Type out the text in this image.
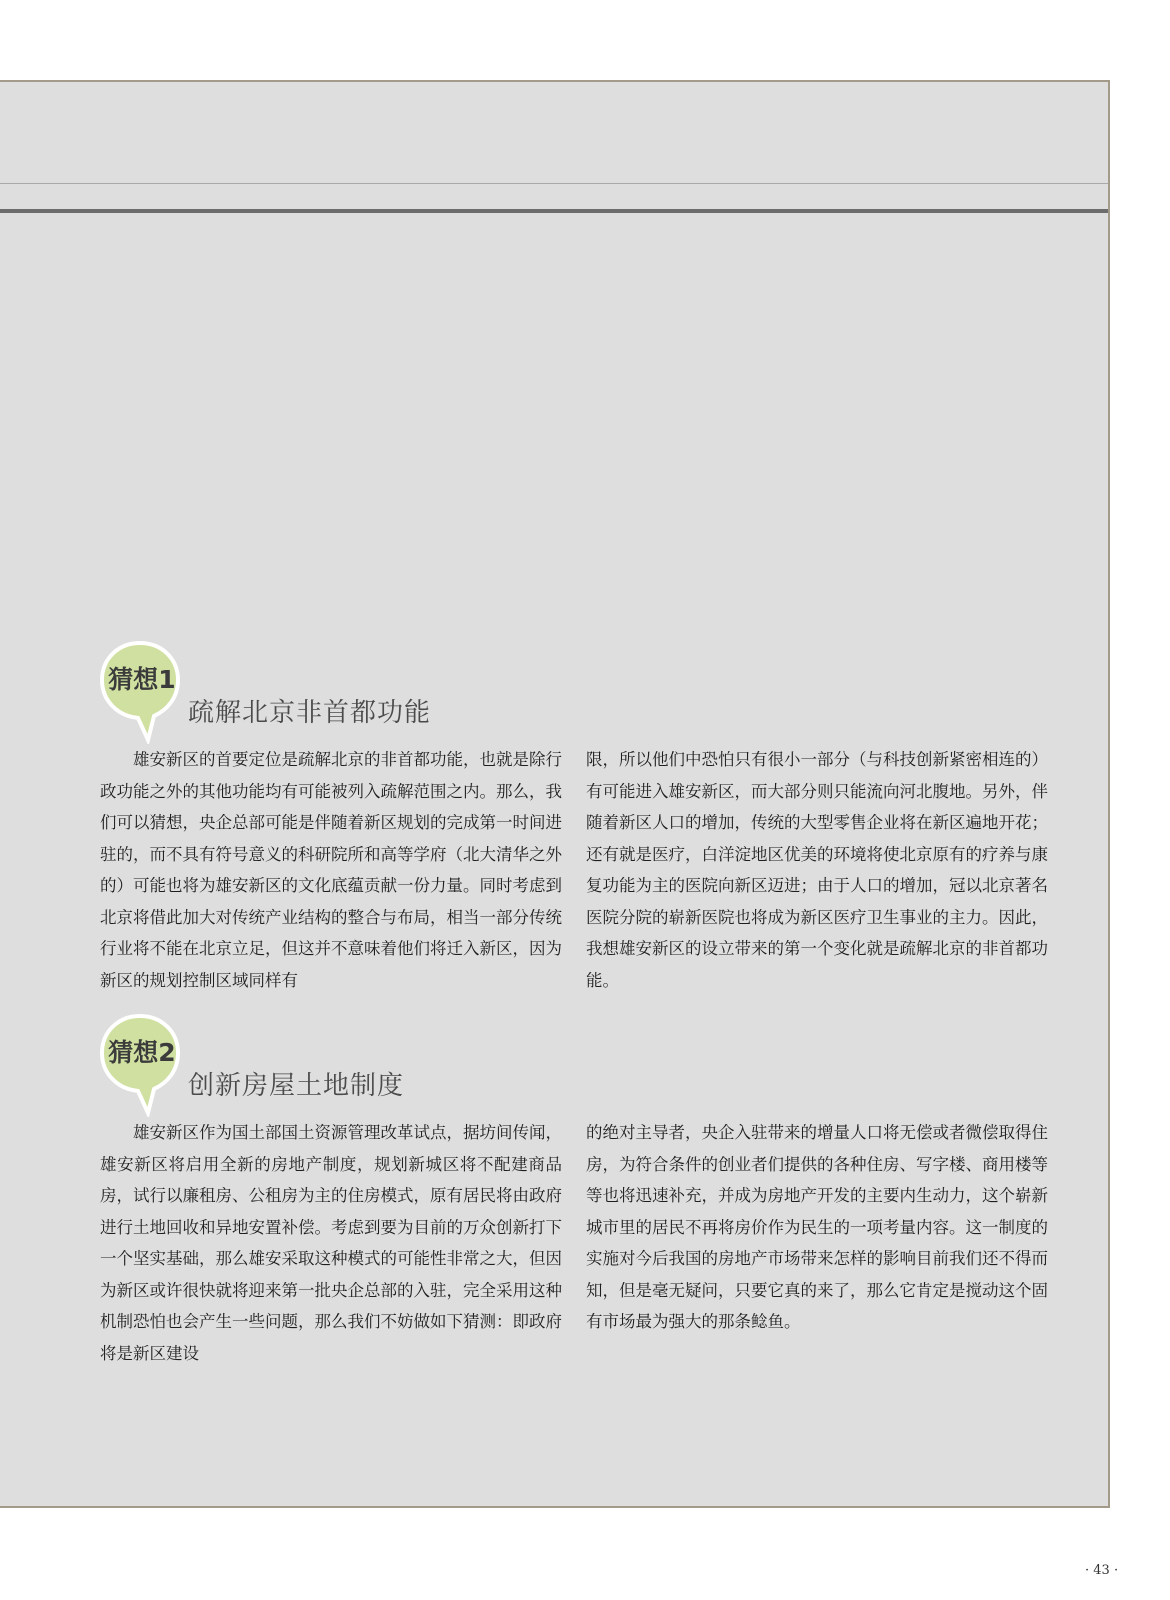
猜想1
疏解北京非首都功能

雄安新区的首要定位是疏解北京的非首都功能，也就是除行政功能之外的其他功能均有可能被列入疏解范围之内。那么，我们可以猜想，央企总部可能是伴随着新区规划的完成第一时间进驻的，而不具有符号意义的科研院所和高等学府（北大清华之外的）可能也将为雄安新区的文化底蕴贡献一份力量。同时考虑到北京将借此加大对传统产业结构的整合与布局，相当一部分传统行业将不能在北京立足，但这并不意味着他们将迁入新区，因为新区的规划控制区域同样有

限，所以他们中恐怕只有很小一部分（与科技创新紧密相连的）有可能进入雄安新区，而大部分则只能流向河北腹地。另外，伴随着新区人口的增加，传统的大型零售企业将在新区遍地开花；还有就是医疗，白洋淀地区优美的环境将使北京原有的疗养与康复功能为主的医院向新区迈进；由于人口的增加，冠以北京著名医院分院的崭新医院也将成为新区医疗卫生事业的主力。因此，我想雄安新区的设立带来的第一个变化就是疏解北京的非首都功能。

猜想2
创新房屋土地制度

雄安新区作为国土部国土资源管理改革试点，据坊间传闻，雄安新区将启用全新的房地产制度，规划新城区将不配建商品房，试行以廉租房、公租房为主的住房模式，原有居民将由政府进行土地回收和异地安置补偿。考虑到要为目前的万众创新打下一个坚实基础，那么雄安采取这种模式的可能性非常之大，但因为新区或许很快就将迎来第一批央企总部的入驻，完全采用这种机制恐怕也会产生一些问题，那么我们不妨做如下猜测：即政府将是新区建设

的绝对主导者，央企入驻带来的增量人口将无偿或者微偿取得住房，为符合条件的创业者们提供的各种住房、写字楼、商用楼等等也将迅速补充，并成为房地产开发的主要内生动力，这个崭新城市里的居民不再将房价作为民生的一项考量内容。这一制度的实施对今后我国的房地产市场带来怎样的影响目前我们还不得而知，但是毫无疑问，只要它真的来了，那么它肯定是搅动这个固有市场最为强大的那条鲶鱼。

· 43 ·
